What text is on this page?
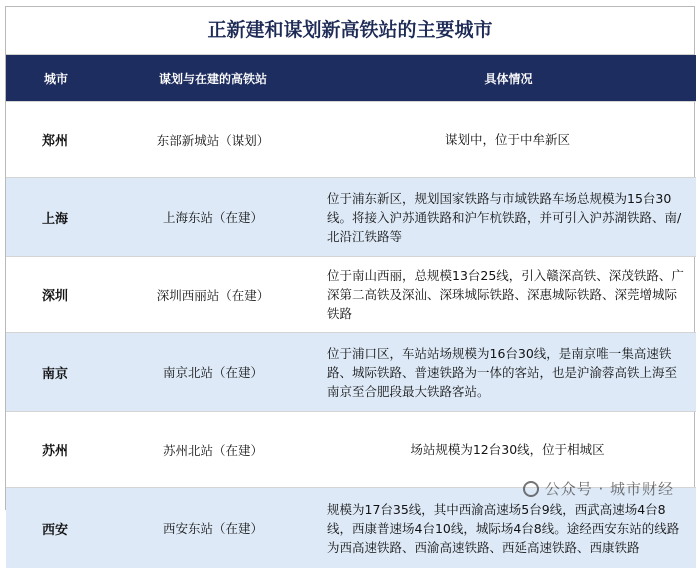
正新建和谋划新高铁站的主要城市
城市	谋划与在建的高铁站	具体情况
郑州	东部新城站（谋划）	谋划中，位于中牟新区
上海	上海东站（在建）	位于浦东新区，规划国家铁路与市域铁路车场总规模为15台30线。将接入沪苏通铁路和沪乍杭铁路，并可引入沪苏湖铁路、南/北沿江铁路等
深圳	深圳西丽站（在建）	位于南山西丽，总规模13台25线，引入赣深高铁、深茂铁路、广深第二高铁及深汕、深珠城际铁路、深惠城际铁路、深莞增城际铁路
南京	南京北站（在建）	位于浦口区，车站站场规模为16台30线，是南京唯一集高速铁路、城际铁路、普速铁路为一体的客站，也是沪渝蓉高铁上海至南京至合肥段最大铁路客站。
苏州	苏州北站（在建）	场站规模为12台30线，位于相城区
西安	西安东站（在建）	规模为17台35线，其中西渝高速场5台9线，西武高速场4台8线，西康普速场4台10线，城际场4台8线。途经西安东站的线路为西高速铁路、西渝高速铁路、西延高速铁路、西康铁路
公众号 · 城市财经
